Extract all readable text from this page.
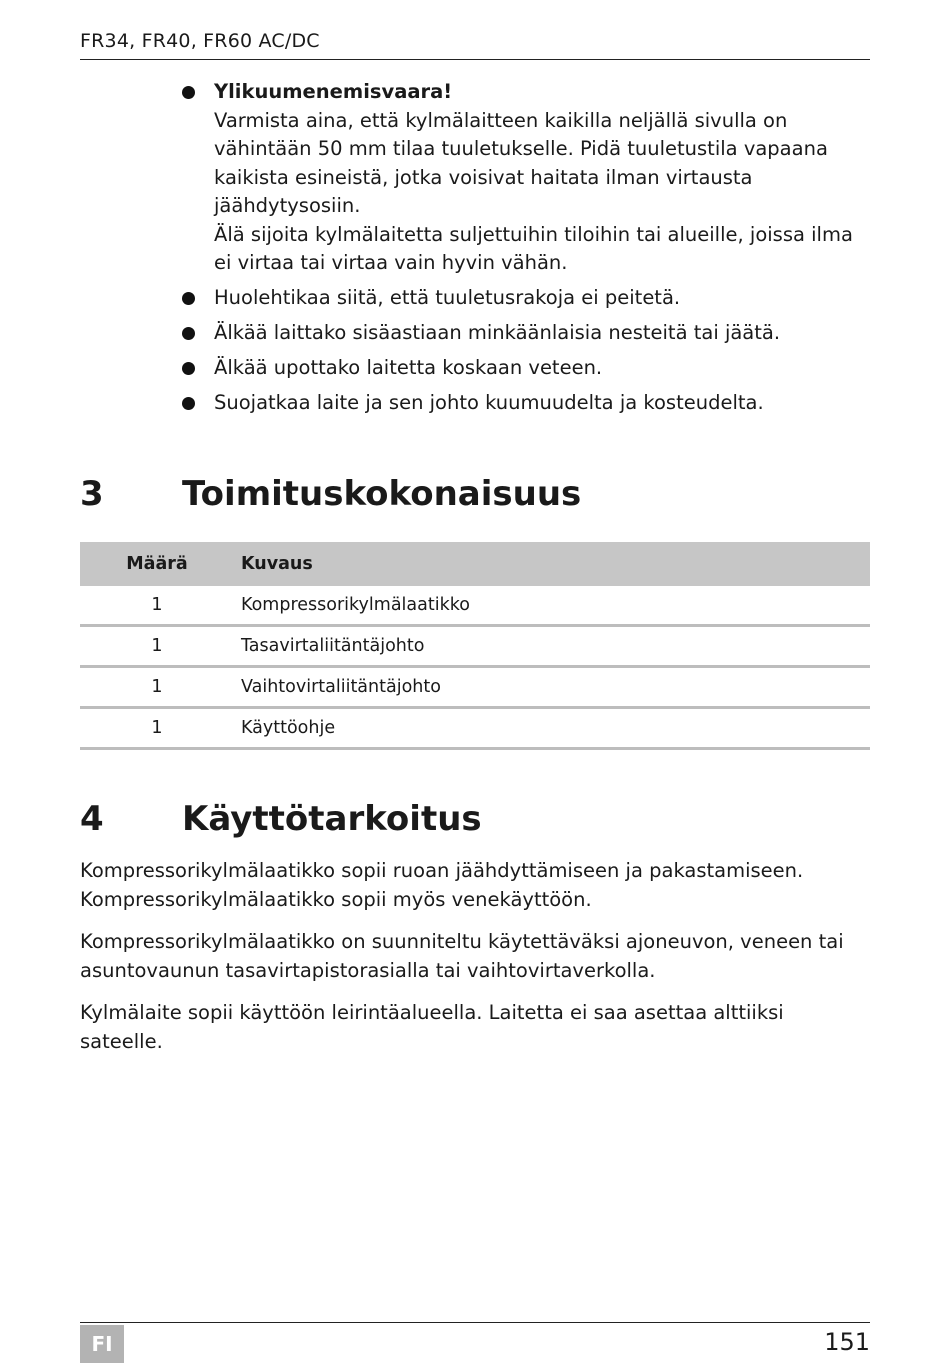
FR34, FR40, FR60 AC/DC
Ylikuumenemisvaara!
Varmista aina, että kylmälaitteen kaikilla neljällä sivulla on vähintään 50 mm tilaa tuuletukselle. Pidä tuuletustila vapaana kaikista esineistä, jotka voisivat haitata ilman virtausta jäähdytysosiin.
Älä sijoita kylmälaitetta suljettuihin tiloihin tai alueille, joissa ilma ei virtaa tai virtaa vain hyvin vähän.
Huolehtikaa siitä, että tuuletusrakoja ei peitetä.
Älkää laittako sisäastiaan minkäänlaisia nesteitä tai jäätä.
Älkää upottako laitetta koskaan veteen.
Suojatkaa laite ja sen johto kuumuudelta ja kosteudelta.
3 Toimituskokonaisuus
Määrä	Kuvaus
1	Kompressorikylmälaatikko
1	Tasavirtaliitäntäjohto
1	Vaihtovirtaliitäntäjohto
1	Käyttöohje
4 Käyttötarkoitus

Kompressorikylmälaatikko sopii ruoan jäähdyttämiseen ja pakastamiseen. Kompressorikylmälaatikko sopii myös venekäyttöön.

Kompressorikylmälaatikko on suunniteltu käytettäväksi ajoneuvon, veneen tai asuntovaunun tasavirtapistorasialla tai vaihtovirtaverkolla.

Kylmälaite sopii käyttöön leirintäalueella. Laitetta ei saa asettaa alttiiksi sateelle.

FI	151
